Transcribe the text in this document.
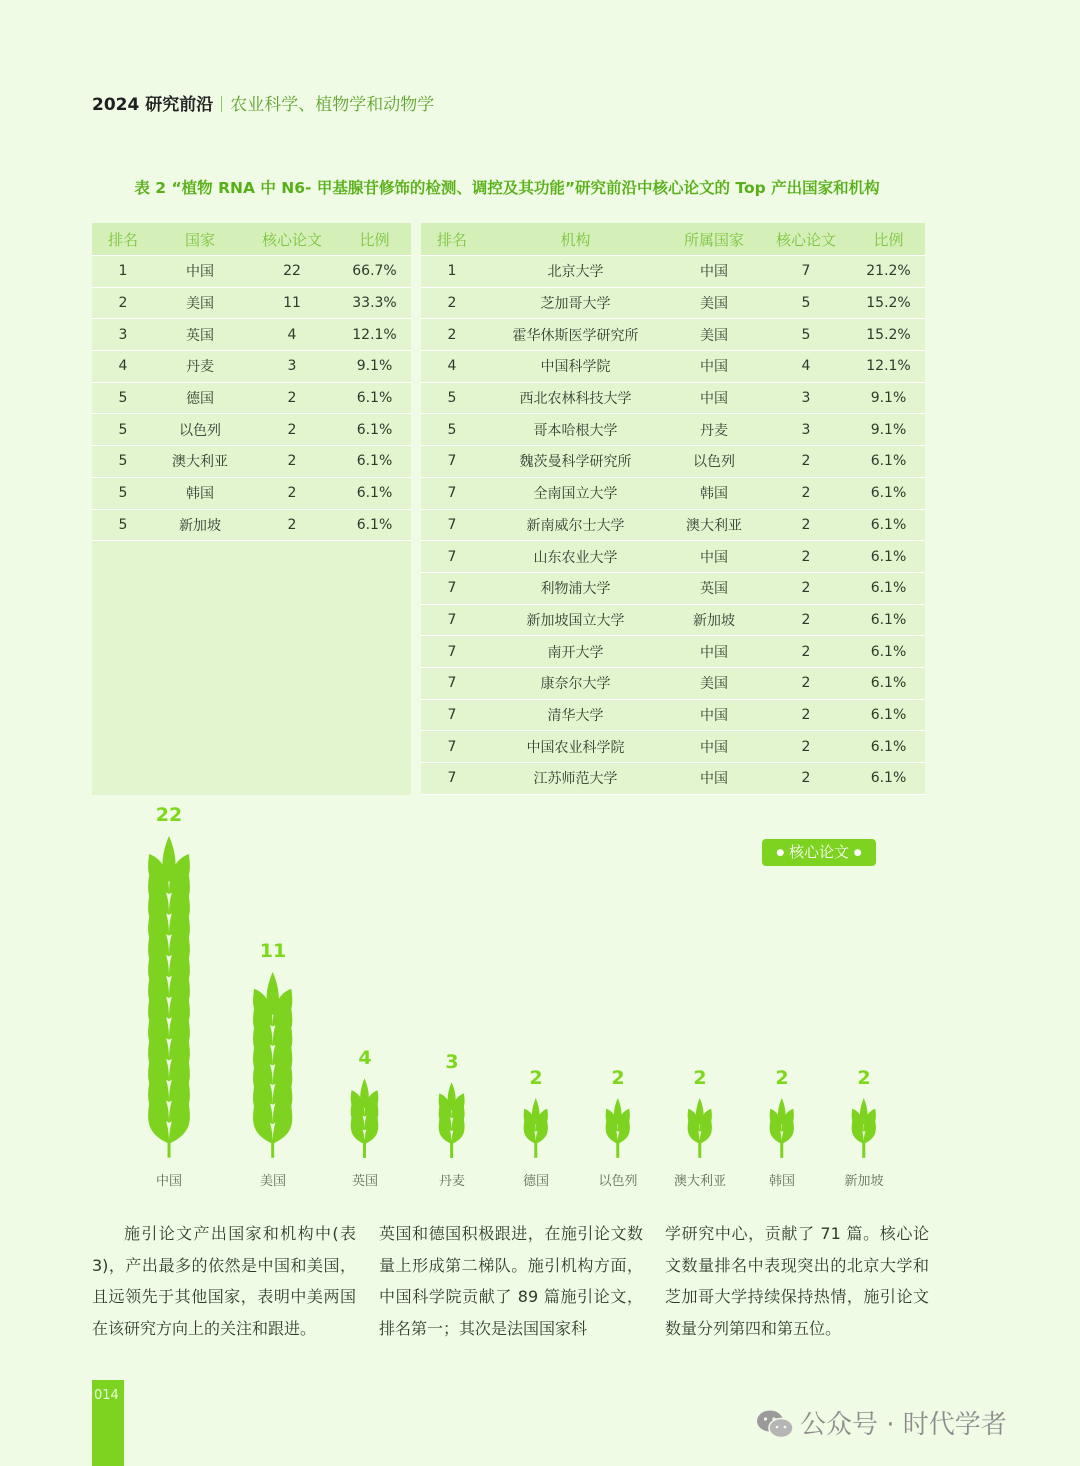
2024 研究前沿 农业科学、植物学和动物学
表 2 “植物 RNA 中 N6- 甲基腺苷修饰的检测、调控及其功能”研究前沿中核心论文的 Top 产出国家和机构
排名	国家	核心论文	比例
1	中国	22	66.7%
2	美国	11	33.3%
3	英国	4	12.1%
4	丹麦	3	9.1%
5	德国	2	6.1%
5	以色列	2	6.1%
5	澳大利亚	2	6.1%
5	韩国	2	6.1%
5	新加坡	2	6.1%
排名	机构	所属国家	核心论文	比例
1	北京大学	中国	7	21.2%
2	芝加哥大学	美国	5	15.2%
2	霍华休斯医学研究所	美国	5	15.2%
4	中国科学院	中国	4	12.1%
5	西北农林科技大学	中国	3	9.1%
5	哥本哈根大学	丹麦	3	9.1%
7	魏茨曼科学研究所	以色列	2	6.1%
7	全南国立大学	韩国	2	6.1%
7	新南威尔士大学	澳大利亚	2	6.1%
7	山东农业大学	中国	2	6.1%
7	利物浦大学	英国	2	6.1%
7	新加坡国立大学	新加坡	2	6.1%
7	南开大学	中国	2	6.1%
7	康奈尔大学	美国	2	6.1%
7	清华大学	中国	2	6.1%
7	中国农业科学院	中国	2	6.1%
7	江苏师范大学	中国	2	6.1%
22
中国
11
美国
4
英国
3
丹麦
2
德国
2
以色列
2
澳大利亚
2
韩国
2
新加坡
● 核心论文 ●
施引论文产出国家和机构中(表3)，产出最多的依然是中国和美国，且远领先于其他国家，表明中美两国在该研究方向上的关注和跟进。
英国和德国积极跟进，在施引论文数量上形成第二梯队。施引机构方面，中国科学院贡献了 89 篇施引论文，排名第一；其次是法国国家科
学研究中心，贡献了 71 篇。核心论文数量排名中表现突出的北京大学和芝加哥大学持续保持热情，施引论文数量分列第四和第五位。
014
公众号 · 时代学者
